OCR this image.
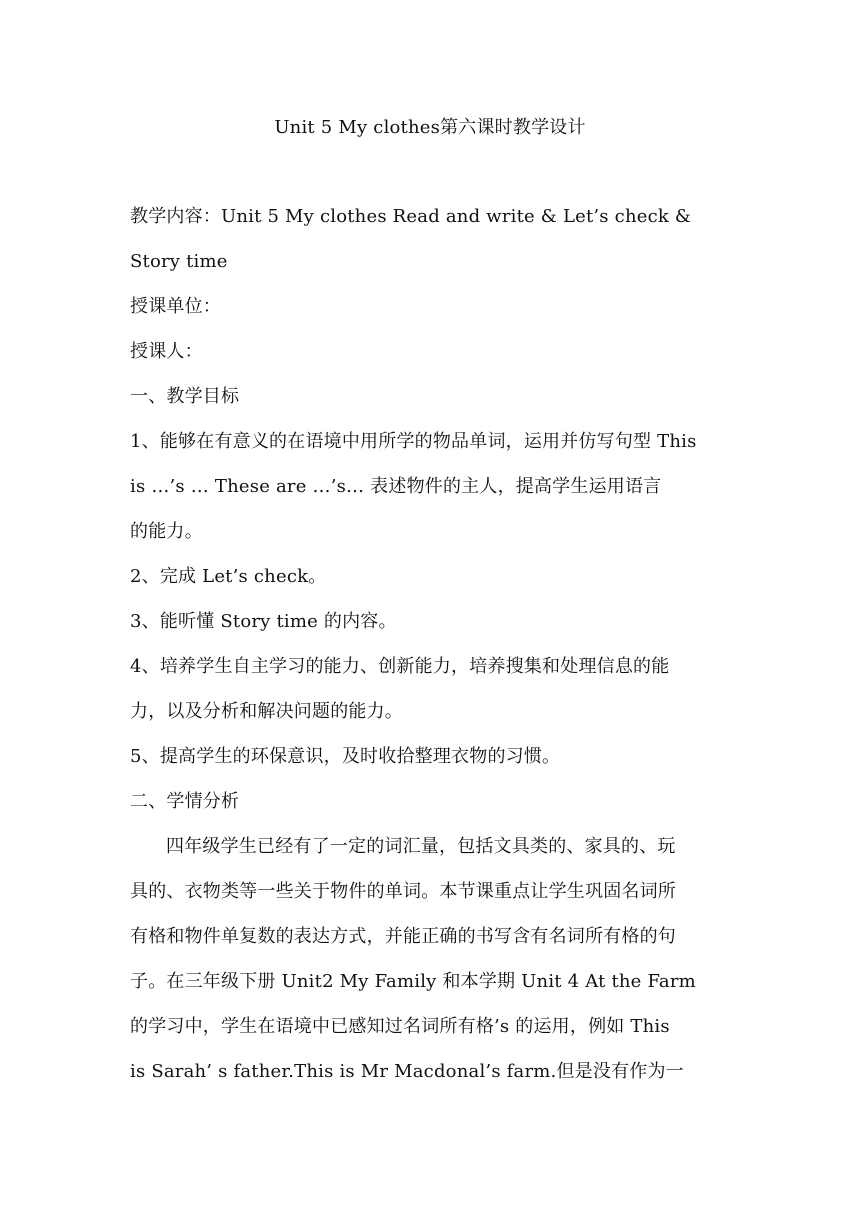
Unit 5 My clothes第六课时教学设计
教学内容：Unit 5 My clothes Read and write & Let’s check &
Story time
授课单位：
授课人：
一、教学目标
1、能够在有意义的在语境中用所学的物品单词，运用并仿写句型 This
is …’s … These are …’s… 表述物件的主人，提高学生运用语言
的能力。
2、完成 Let’s check。
3、能听懂 Story time 的内容。
4、培养学生自主学习的能力、创新能力，培养搜集和处理信息的能
力，以及分析和解决问题的能力。
5、提高学生的环保意识，及时收拾整理衣物的习惯。
二、学情分析
四年级学生已经有了一定的词汇量，包括文具类的、家具的、玩
具的、衣物类等一些关于物件的单词。本节课重点让学生巩固名词所
有格和物件单复数的表达方式，并能正确的书写含有名词所有格的句
子。在三年级下册 Unit2 My Family 和本学期 Unit 4 At the Farm
的学习中，学生在语境中已感知过名词所有格’s 的运用，例如 This
is Sarah’ s father.This is Mr Macdonal’s farm.但是没有作为一
